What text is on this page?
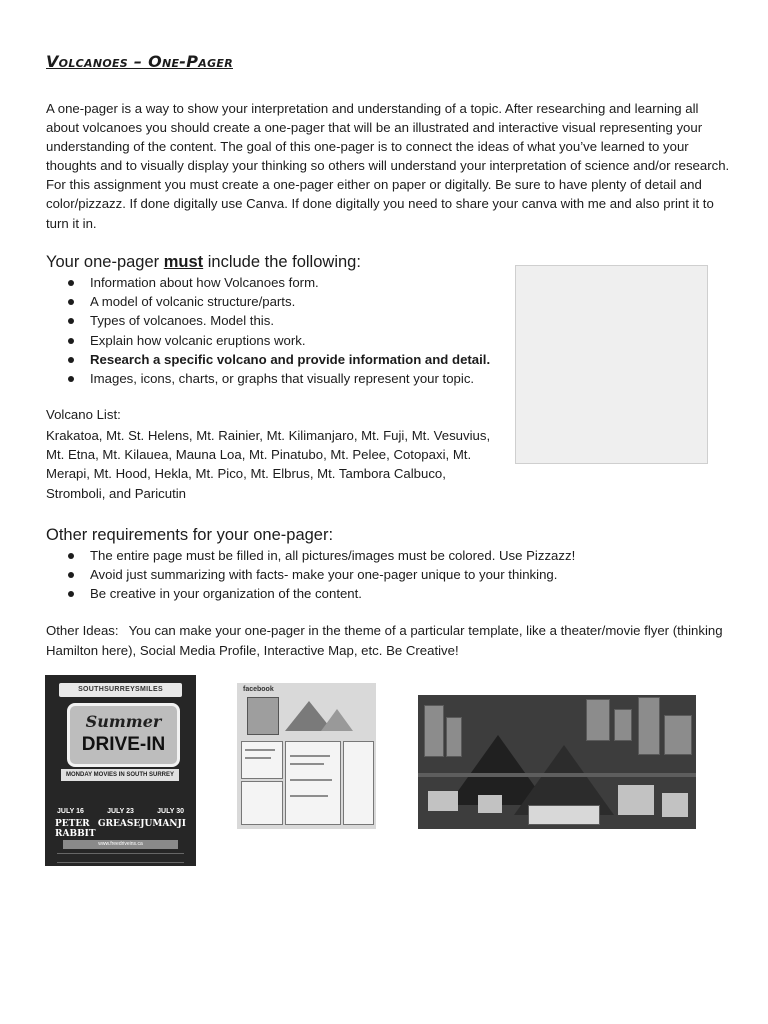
Volcanoes – One-Pager

A one-pager is a way to show your interpretation and understanding of a topic. After researching and learning all about volcanoes you should create a one-pager that will be an illustrated and interactive visual representing your understanding of the content. The goal of this one-pager is to connect the ideas of what you’ve learned to your thoughts and to visually display your thinking so others will understand your interpretation of science and/or research. For this assignment you must create a one-pager either on paper or digitally. Be sure to have plenty of detail and color/pizzazz. If done digitally use Canva. If done digitally you need to share your canva with me and also print it to turn it in.

Your one-pager must include the following:
Information about how Volcanoes form.
A model of volcanic structure/parts.
Types of volcanoes. Model this.
Explain how volcanic eruptions work.
Research a specific volcano and provide information and detail.
Images, icons, charts, or graphs that visually represent your topic.

Volcano List:

Krakatoa, Mt. St. Helens, Mt. Rainier, Mt. Kilimanjaro, Mt. Fuji, Mt. Vesuvius, Mt. Etna, Mt. Kilauea, Mauna Loa, Mt. Pinatubo, Mt. Pelee, Cotopaxi, Mt. Merapi, Mt. Hood, Hekla, Mt. Pico, Mt. Elbrus, Mt. Tambora Calbuco, Stromboli, and Paricutin

Other requirements for your one-pager:
The entire page must be filled in, all pictures/images must be colored. Use Pizzazz!
Avoid just summarizing with facts- make your one-pager unique to your thinking.
Be creative in your organization of the content.

Other Ideas: You can make your one-pager in the theme of a particular template, like a theater/movie flyer (thinking Hamilton here), Social Media Profile, Interactive Map, etc. Be Creative!

SOUTHSURREYSMILES
Summer
DRIVE-IN
MONDAY MOVIES IN SOUTH SURREY
JULY 16	JULY 23	JULY 30
PETER RABBIT
GREASE JUMANJI
www.freedriveins.ca
facebook
